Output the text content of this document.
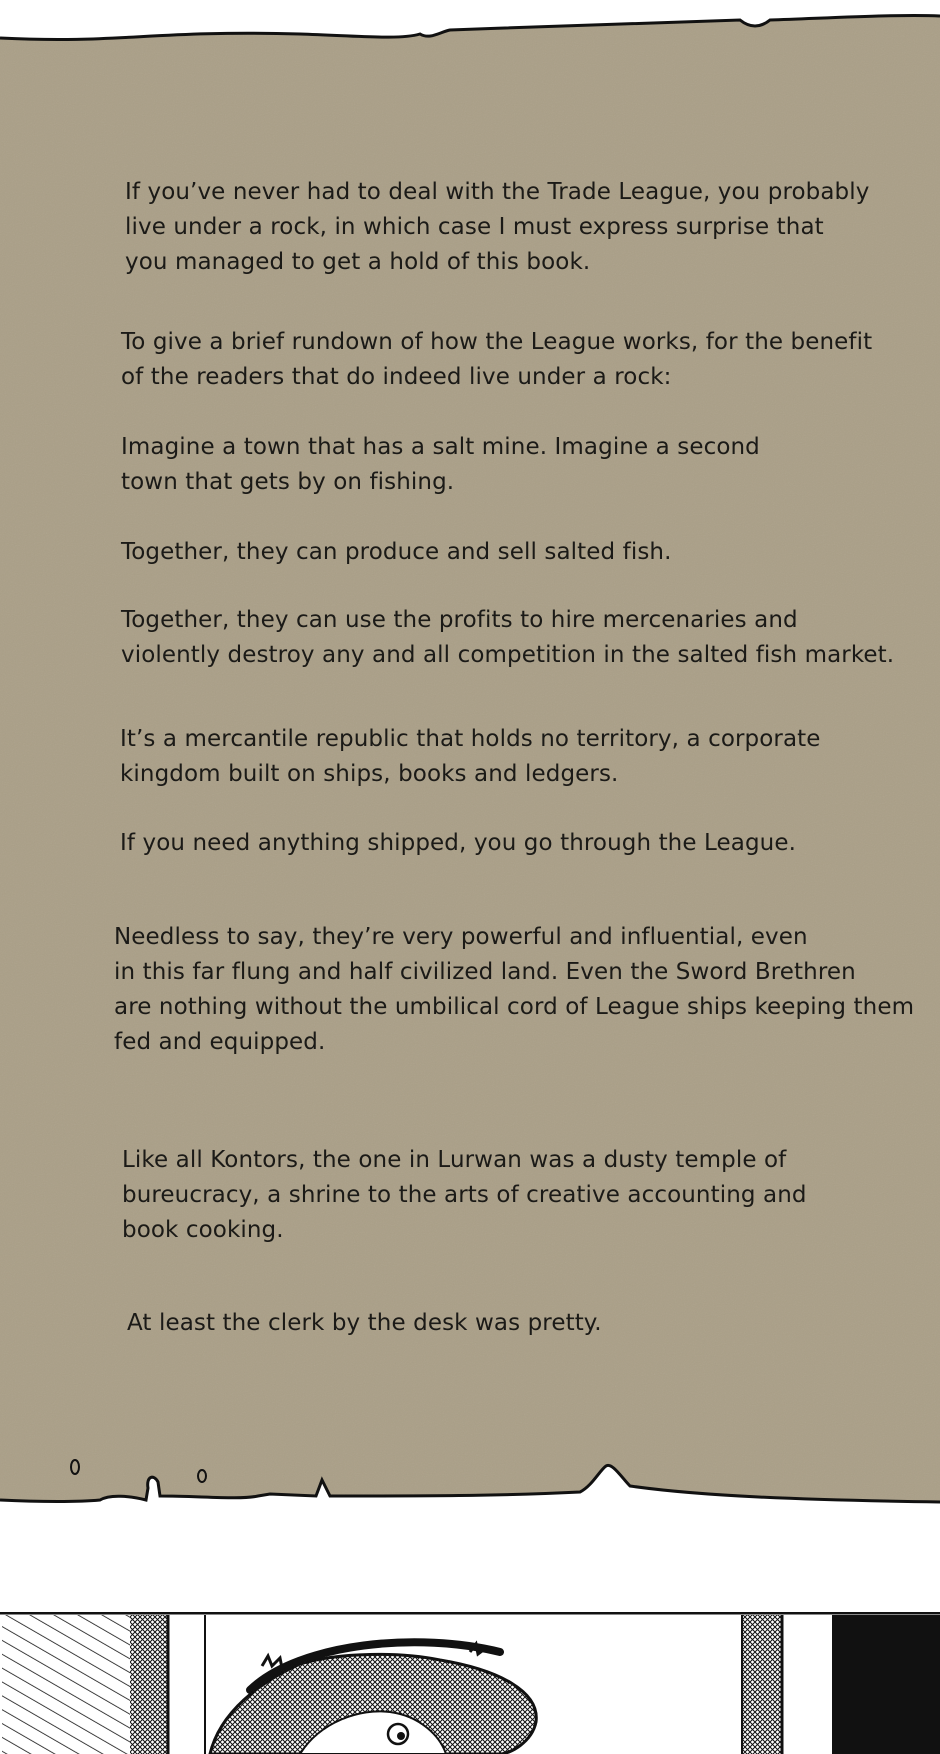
If you’ve never had to deal with the Trade League, you probably
live under a rock, in which case I must express surprise that
you managed to get a hold of this book.
To give a brief rundown of how the League works, for the benefit
of the readers that do indeed live under a rock:
Imagine a town that has a salt mine. Imagine a second
town that gets by on fishing.
Together, they can produce and sell salted fish.
Together, they can use the profits to hire mercenaries and
violently destroy any and all competition in the salted fish market.
It’s a mercantile republic that holds no territory, a corporate
kingdom built on ships, books and ledgers.
If you need anything shipped, you go through the League.
Needless to say, they’re very powerful and influential, even
in this far flung and half civilized land. Even the Sword Brethren
are nothing without the umbilical cord of League ships keeping them
fed and equipped.
Like all Kontors, the one in Lurwan was a dusty temple of
bureucracy, a shrine to the arts of creative accounting and
book cooking.
At least the clerk by the desk was pretty.
